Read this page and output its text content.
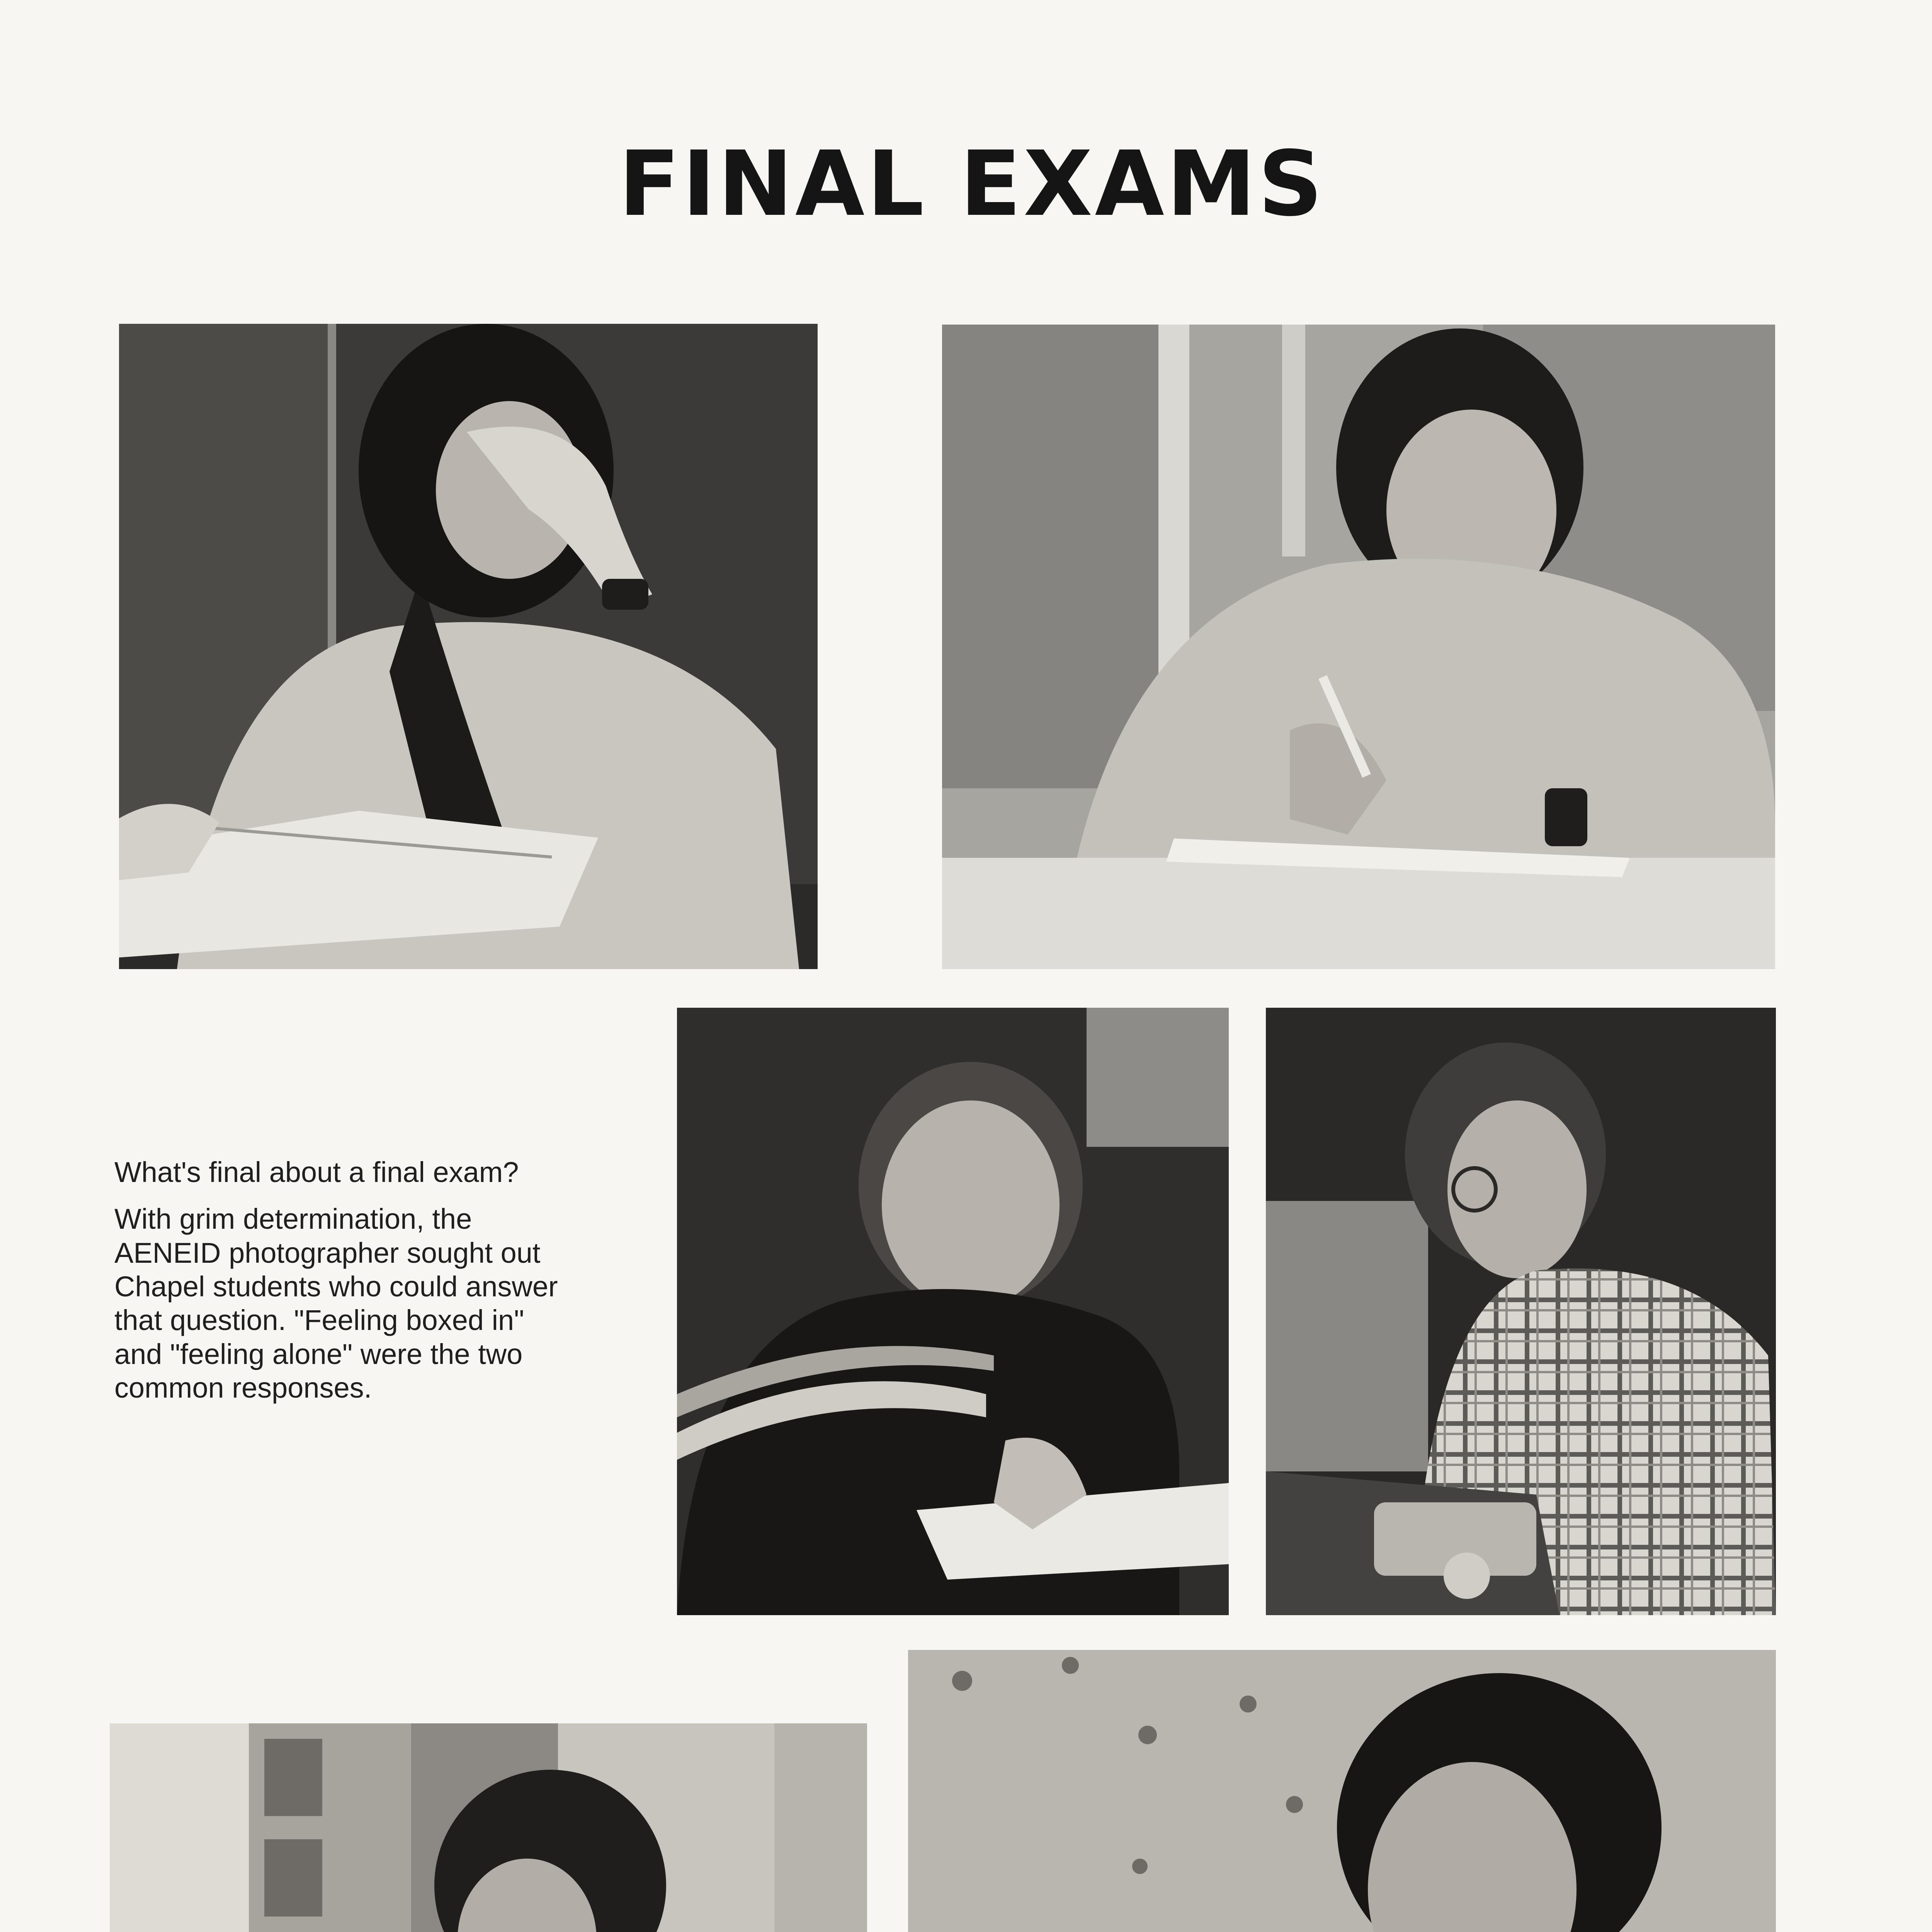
FINAL EXAMS

What's final about a final exam?

With grim determination, the AENEID photographer sought out Chapel students who could answer that question. "Feeling boxed in" and "feeling alone" were the two common responses.
